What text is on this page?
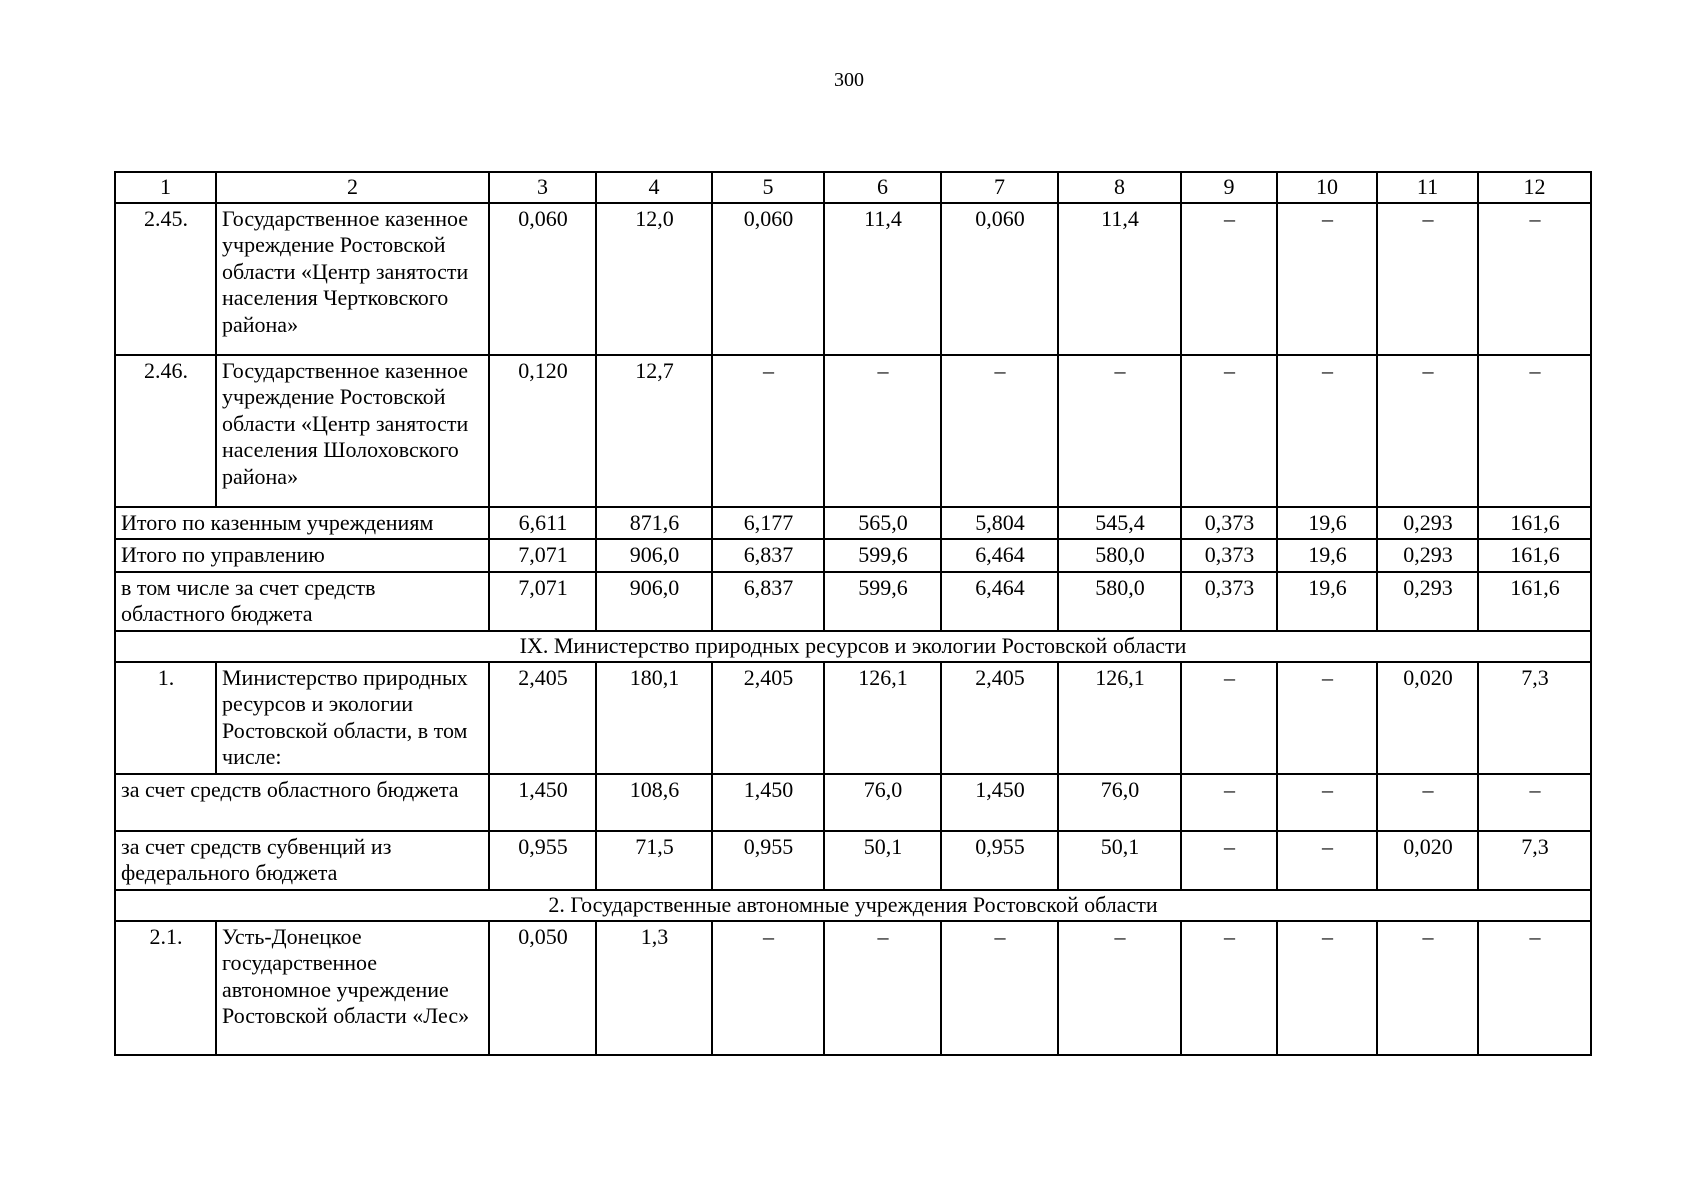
300
1	2	3	4	5	6	7	8	9	10	11	12
2.45.	Государственное казенное учреждение Ростовской области «Центр занятости населения Чертковского района»	0,060	12,0	0,060	11,4	0,060	11,4	–	–	–	–
2.46.	Государственное казенное учреждение Ростовской области «Центр занятости населения Шолоховского района»	0,120	12,7	–	–	–	–	–	–	–	–
Итого по казенным учреждениям		6,611	871,6	6,177	565,0	5,804	545,4	0,373	19,6	0,293	161,6
Итого по управлению		7,071	906,0	6,837	599,6	6,464	580,0	0,373	19,6	0,293	161,6
в том числе за счет средств областного бюджета		7,071	906,0	6,837	599,6	6,464	580,0	0,373	19,6	0,293	161,6
IX. Министерство природных ресурсов и экологии Ростовской области											
1.	Министерство природных ресурсов и экологии Ростовской области, в том числе:	2,405	180,1	2,405	126,1	2,405	126,1	–	–	0,020	7,3
за счет средств областного бюджета		1,450	108,6	1,450	76,0	1,450	76,0	–	–	–	–
за счет средств субвенций из федерального бюджета		0,955	71,5	0,955	50,1	0,955	50,1	–	–	0,020	7,3
2. Государственные автономные учреждения Ростовской области											
2.1.	Усть-Донецкое государственное автономное учреждение Ростовской области «Лес»	0,050	1,3	–	–	–	–	–	–	–	–
